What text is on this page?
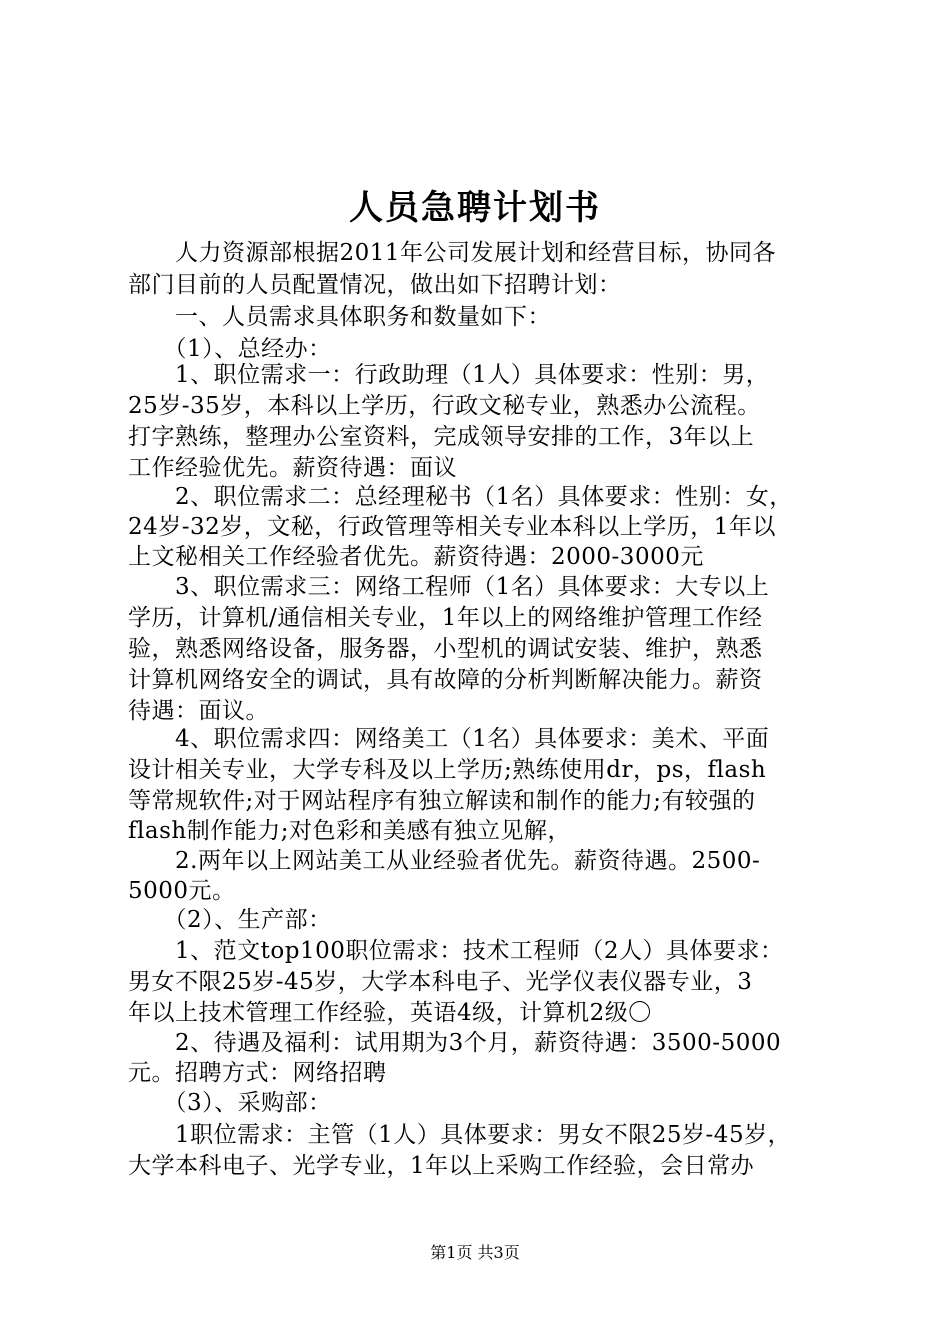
人员急聘计划书
　　人力资源部根据2011年公司发展计划和经营目标，协同各
部门目前的人员配置情况，做出如下招聘计划：
　　一、人员需求具体职务和数量如下：
　　（1）、总经办：
　　1、职位需求一：行政助理（1人）具体要求：性别：男，
25岁-35岁，本科以上学历，行政文秘专业，熟悉办公流程。
打字熟练，整理办公室资料，完成领导安排的工作，3年以上
工作经验优先。薪资待遇：面议
　　2、职位需求二：总经理秘书（1名）具体要求：性别：女，
24岁-32岁，文秘，行政管理等相关专业本科以上学历，1年以
上文秘相关工作经验者优先。薪资待遇：2000-3000元
　　3、职位需求三：网络工程师（1名）具体要求：大专以上
学历，计算机/通信相关专业，1年以上的网络维护管理工作经
验，熟悉网络设备，服务器，小型机的调试安装、维护，熟悉
计算机网络安全的调试，具有故障的分析判断解决能力。薪资
待遇：面议。
　　4、职位需求四：网络美工（1名）具体要求：美术、平面
设计相关专业，大学专科及以上学历;熟练使用dr，ps，flash
等常规软件;对于网站程序有独立解读和制作的能力;有较强的
flash制作能力;对色彩和美感有独立见解，
　　2.两年以上网站美工从业经验者优先。薪资待遇。2500-
5000元。
　　（2）、生产部：
　　1、范文top100职位需求：技术工程师（2人）具体要求：
男女不限25岁-45岁，大学本科电子、光学仪表仪器专业，3
年以上技术管理工作经验，英语4级，计算机2级〇
　　2、待遇及福利：试用期为3个月，薪资待遇：3500-5000
元。招聘方式：网络招聘
　　（3）、采购部：
　　1职位需求：主管（1人）具体要求：男女不限25岁-45岁，
大学本科电子、光学专业，1年以上采购工作经验，会日常办
第1页 共3页
